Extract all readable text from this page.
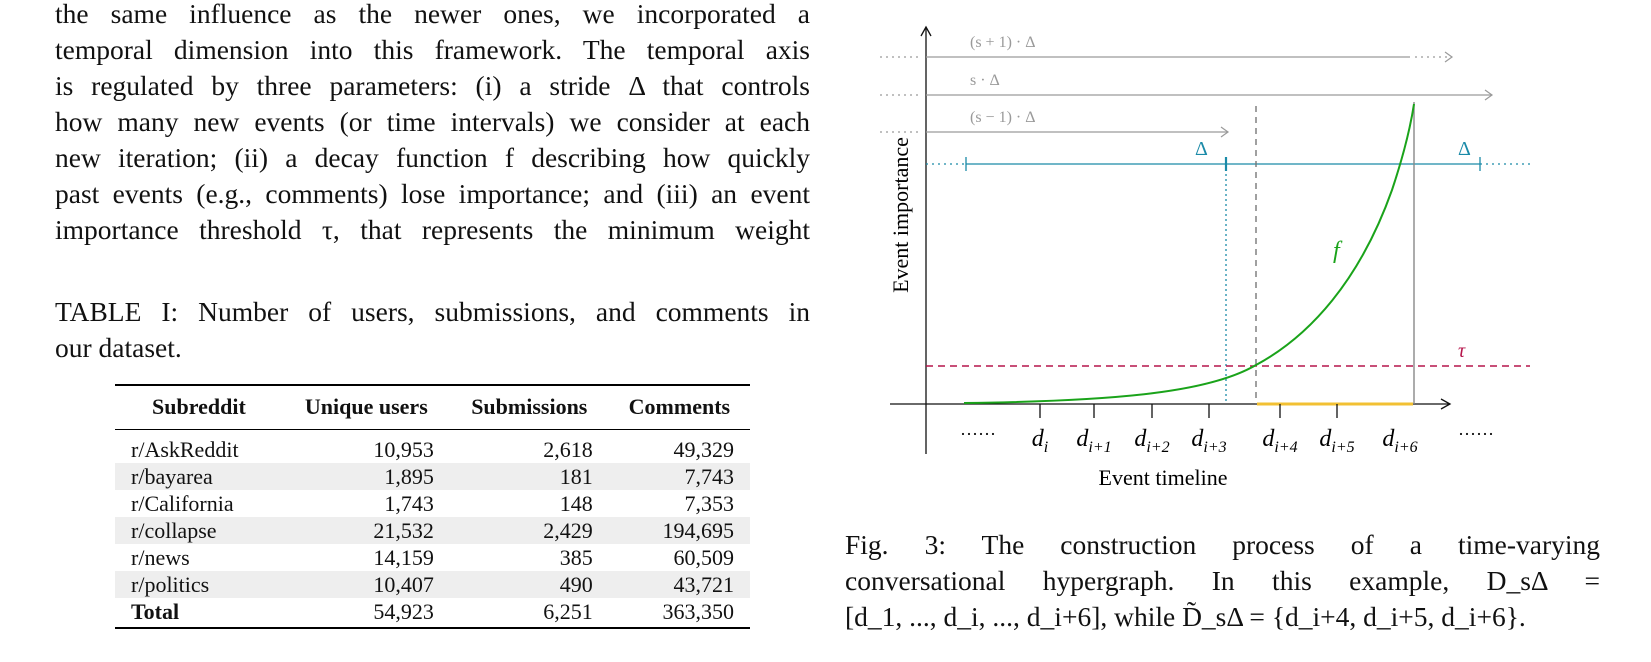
the same influence as the newer ones, we incorporated a
temporal dimension into this framework. The temporal axis
is regulated by three parameters: (i) a stride Δ that controls
how many new events (or time intervals) we consider at each
new iteration; (ii) a decay function f describing how quickly
past events (e.g., comments) lose importance; and (iii) an event
importance threshold τ, that represents the minimum weight
TABLE I: Number of users, submissions, and comments in
our dataset.
Subreddit	Unique users	Submissions	Comments
r/AskReddit	10,953	2,618	49,329
r/bayarea	1,895	181	7,743
r/California	1,743	148	7,353
r/collapse	21,532	2,429	194,695
r/news	14,159	385	60,509
r/politics	10,407	490	43,721
Total	54,923	6,251	363,350
(s + 1) · Δ
s · Δ
(s − 1) · Δ
Δ	Δ
τ
f
······	······
$d_i$ $d_{i+1}$ $d_{i+2}$ $d_{i+3}$ $d_{i+4}$ $d_{i+5}$ $d_{i+6}$
Event timeline
Event importance
Fig. 3: The construction process of a time-varying
conversational hypergraph. In this example, D_sΔ =
[d_1, ..., d_i, ..., d_i+6], while D̃_sΔ = {d_i+4, d_i+5, d_i+6}.
